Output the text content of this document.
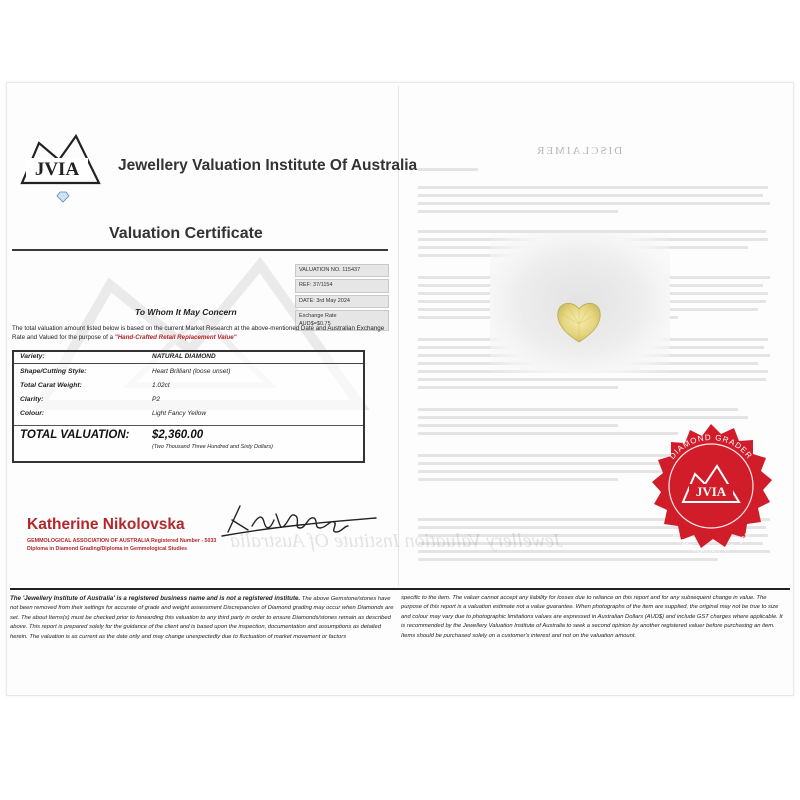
JVIA	Jewellery Valuation Institute Of Australia
Valuation Certificate
VALUATION NO. 115437
REF: 37/1154
DATE: 3rd May 2024
Exchange Rate
AUD$=$0.75
To Whom It May Concern
The total valuation amount listed below is based on the current Market Research at the above-mentioned Date and Australian Exchange Rate and Valued for the purpose of a "Hand-Crafted Retail Replacement Value"
Variety:	NATURAL DIAMOND
Shape/Cutting Style:	Heart Brilliant (loose unset)
Total Carat Weight:	1.02ct
Clarity:	P2
Colour:	Light Fancy Yellow
TOTAL VALUATION: $2,360.00
(Two Thousand Three Hundred and Sixty Dollars)
Katherine Nikolovska
GEMMOLOGICAL ASSOCIATION OF AUSTRALIA Registered Number - 5033
Diploma in Diamond Grading/Diploma in Gemmological Studies	Jewellery Valuation Institute Of Australia
DISCLAIMER
DIAMOND GRADER
GEMMOLOGIST NO. 5033
JVIA
The 'Jewellery Institute of Australia' is a registered business name and is not a registered institute. The above Gemstone/stones have not been removed from their settings for accurate of grade and weight assessment Discrepancies of Diamond grading may occur when Diamonds are set. The about Items(s) must be checked prior to forwarding this valuation to any third party in order to ensure Diamonds/stones remain as described above. This report is prepared solely for the guidance of the client and is based upon the inspection, documentation and assumptions as detailed herein. The valuation is as current as the date only and may change unexpectedly due to fluctuation of market movement or factors
specific to the item. The valuer cannot accept any liability for losses due to reliance on this report and for any subsequent change in value. The purpose of this report is a valuation estimate not a value guarantee. When photographs of the item are supplied, the original may not be true to size and colour may vary due to photographic limitations values are expressed in Australian Dollars (AUD$) and include GST charges where applicable. It is recommended by the Jewellery Valuation Institute of Australia to seek a second opinion by another registered valuer before purchasing an item. Items should be purchased solely on a customer's interest and not on the valuation amount.
